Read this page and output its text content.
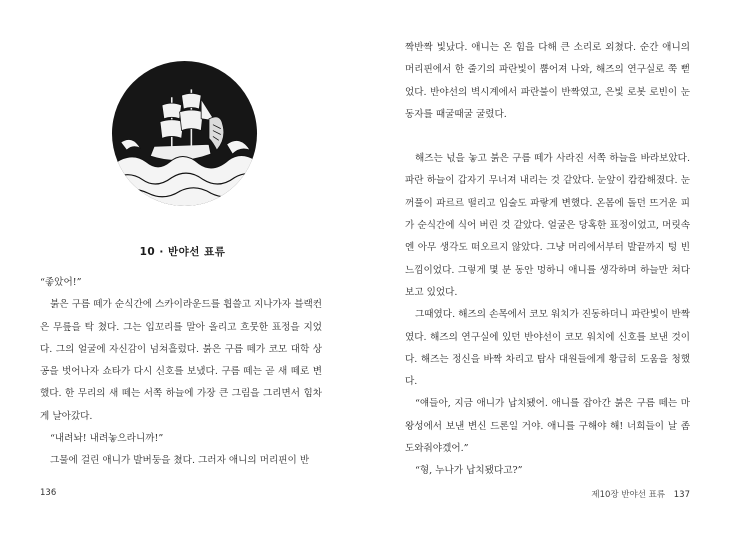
10 · 반야선 표류

“좋았어!”

붉은 구름 떼가 순식간에 스카이라운드를 휩쓸고 지나가자 블랙컨은 무릎을 탁 쳤다. 그는 입꼬리를 말아 올리고 흐뭇한 표정을 지었다. 그의 얼굴에 자신감이 넘쳐흘렀다. 붉은 구름 떼가 코모 대학 상공을 벗어나자 쇼타가 다시 신호를 보냈다. 구름 떼는 곧 새 떼로 변했다. 한 무리의 새 떼는 서쪽 하늘에 가장 큰 그림을 그리면서 힘차게 날아갔다.

“내려놔! 내려놓으라니까!”

그물에 걸린 애니가 발버둥을 쳤다. 그러자 애니의 머리핀이 반

136

짝반짝 빛났다. 애니는 온 힘을 다해 큰 소리로 외쳤다. 순간 애니의 머리핀에서 한 줄기의 파란빛이 뿜어져 나와, 해즈의 연구실로 쭉 뻗었다. 반야선의 벽시계에서 파란불이 반짝였고, 은빛 로봇 로빈이 눈동자를 때굴때굴 굴렸다.

해즈는 넋을 놓고 붉은 구름 떼가 사라진 서쪽 하늘을 바라보았다. 파란 하늘이 갑자기 무너져 내리는 것 같았다. 눈앞이 캄캄해졌다. 눈꺼풀이 파르르 떨리고 입술도 파랗게 변했다. 온몸에 돌던 뜨거운 피가 순식간에 식어 버린 것 같았다. 얼굴은 당혹한 표정이었고, 머릿속엔 아무 생각도 떠오르지 않았다. 그냥 머리에서부터 발끝까지 텅 빈 느낌이었다. 그렇게 몇 분 동안 멍하니 애니를 생각하며 하늘만 쳐다보고 있었다.

그때였다. 해즈의 손목에서 코모 워치가 진동하더니 파란빛이 반짝였다. 해즈의 연구실에 있던 반야선이 코모 워치에 신호를 보낸 것이다. 해즈는 정신을 바짝 차리고 탐사 대원들에게 황급히 도움을 청했다.

“얘들아, 지금 애니가 납치됐어. 애니를 잡아간 붉은 구름 떼는 마왕성에서 보낸 변신 드론일 거야. 애니를 구해야 해! 너희들이 날 좀 도와줘야겠어.”

“형, 누나가 납치됐다고?”

제10장 반야선 표류 137
